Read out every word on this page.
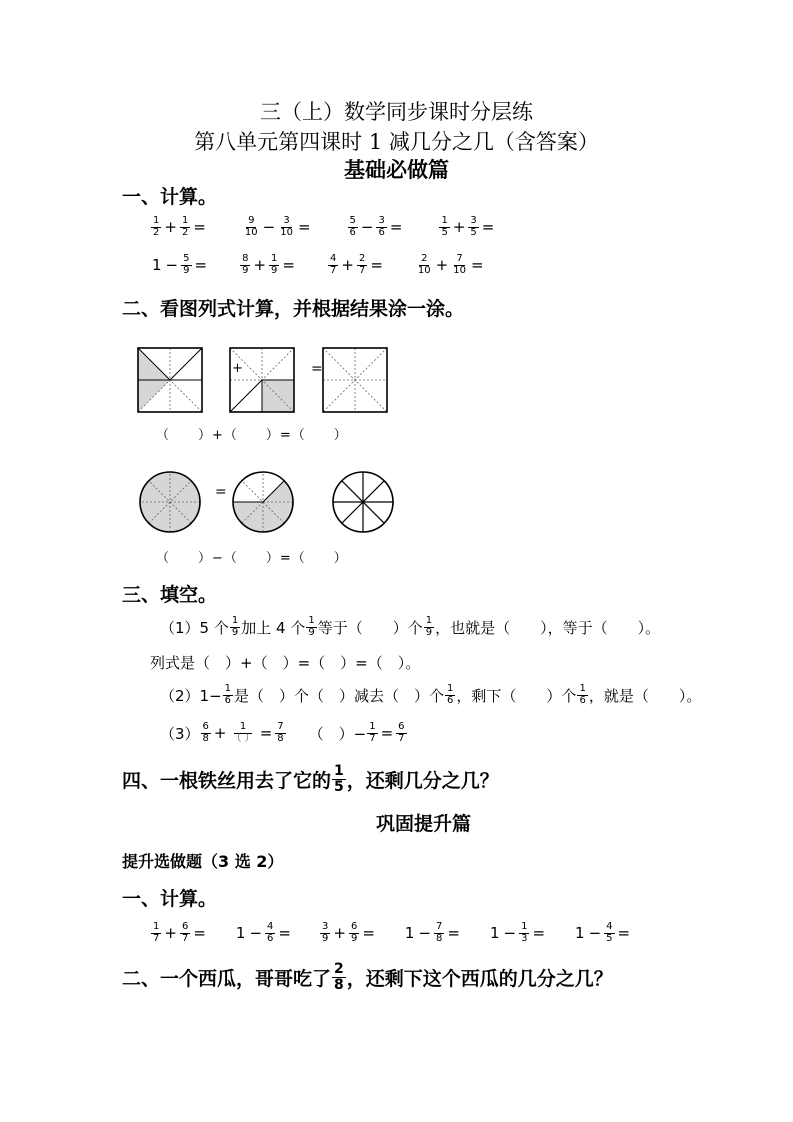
三（上）数学同步课时分层练
第八单元第四课时 1 减几分之几（含答案）
基础必做篇
一、计算。
$\frac{1}{2} + \frac{1}{2}$ =	$\frac{9}{10} - \frac{3}{10}$ =	$\frac{5}{6} - \frac{3}{6}$ =	$\frac{1}{5} + \frac{3}{5}$ =
$1 - \frac{5}{9}$ =	$\frac{8}{9} + \frac{1}{9}$ =	$\frac{4}{7} + \frac{2}{7}$ =	$\frac{2}{10} + \frac{7}{10}$ =
二、看图列式计算，并根据结果涂一涂。
+	=
（　　）+（　　）=（　　）
=
（　　）−（　　）=（　　）
三、填空。
（1）5 个 $\frac{1}{9}$ 加上 4 个 $\frac{1}{9}$ 等于（　　）个 $\frac{1}{9}$ ，也就是（　　），等于（　　）。
列式是（　）+（　）=（　）=（　）。
$(2)1- \frac{1}{6}$ 是（　）个（　）减去（　）个 $\frac{1}{6}$ ，剩下（　　）个 $\frac{1}{6}$ ，就是（　　）。
$(3) \frac{6}{8} + \frac{1}{( )} = \frac{7}{8}$ （　）− $\frac{1}{7} = \frac{6}{7}$
四、一根铁丝用去了它的 $\frac{1}{5}$ ，还剩几分之几？
巩固提升篇
提升选做题（3 选 2）
一、计算。
$\frac{1}{7} + \frac{6}{7} = 1 - \frac{4}{6}$ =	$\frac{3}{9} + \frac{6}{9} = 1 - \frac{7}{8} = 1 - \frac{1}{3} = 1 - \frac{4}{5}$ =
二、一个西瓜，哥哥吃了 $\frac{2}{8}$ ，还剩下这个西瓜的几分之几？
